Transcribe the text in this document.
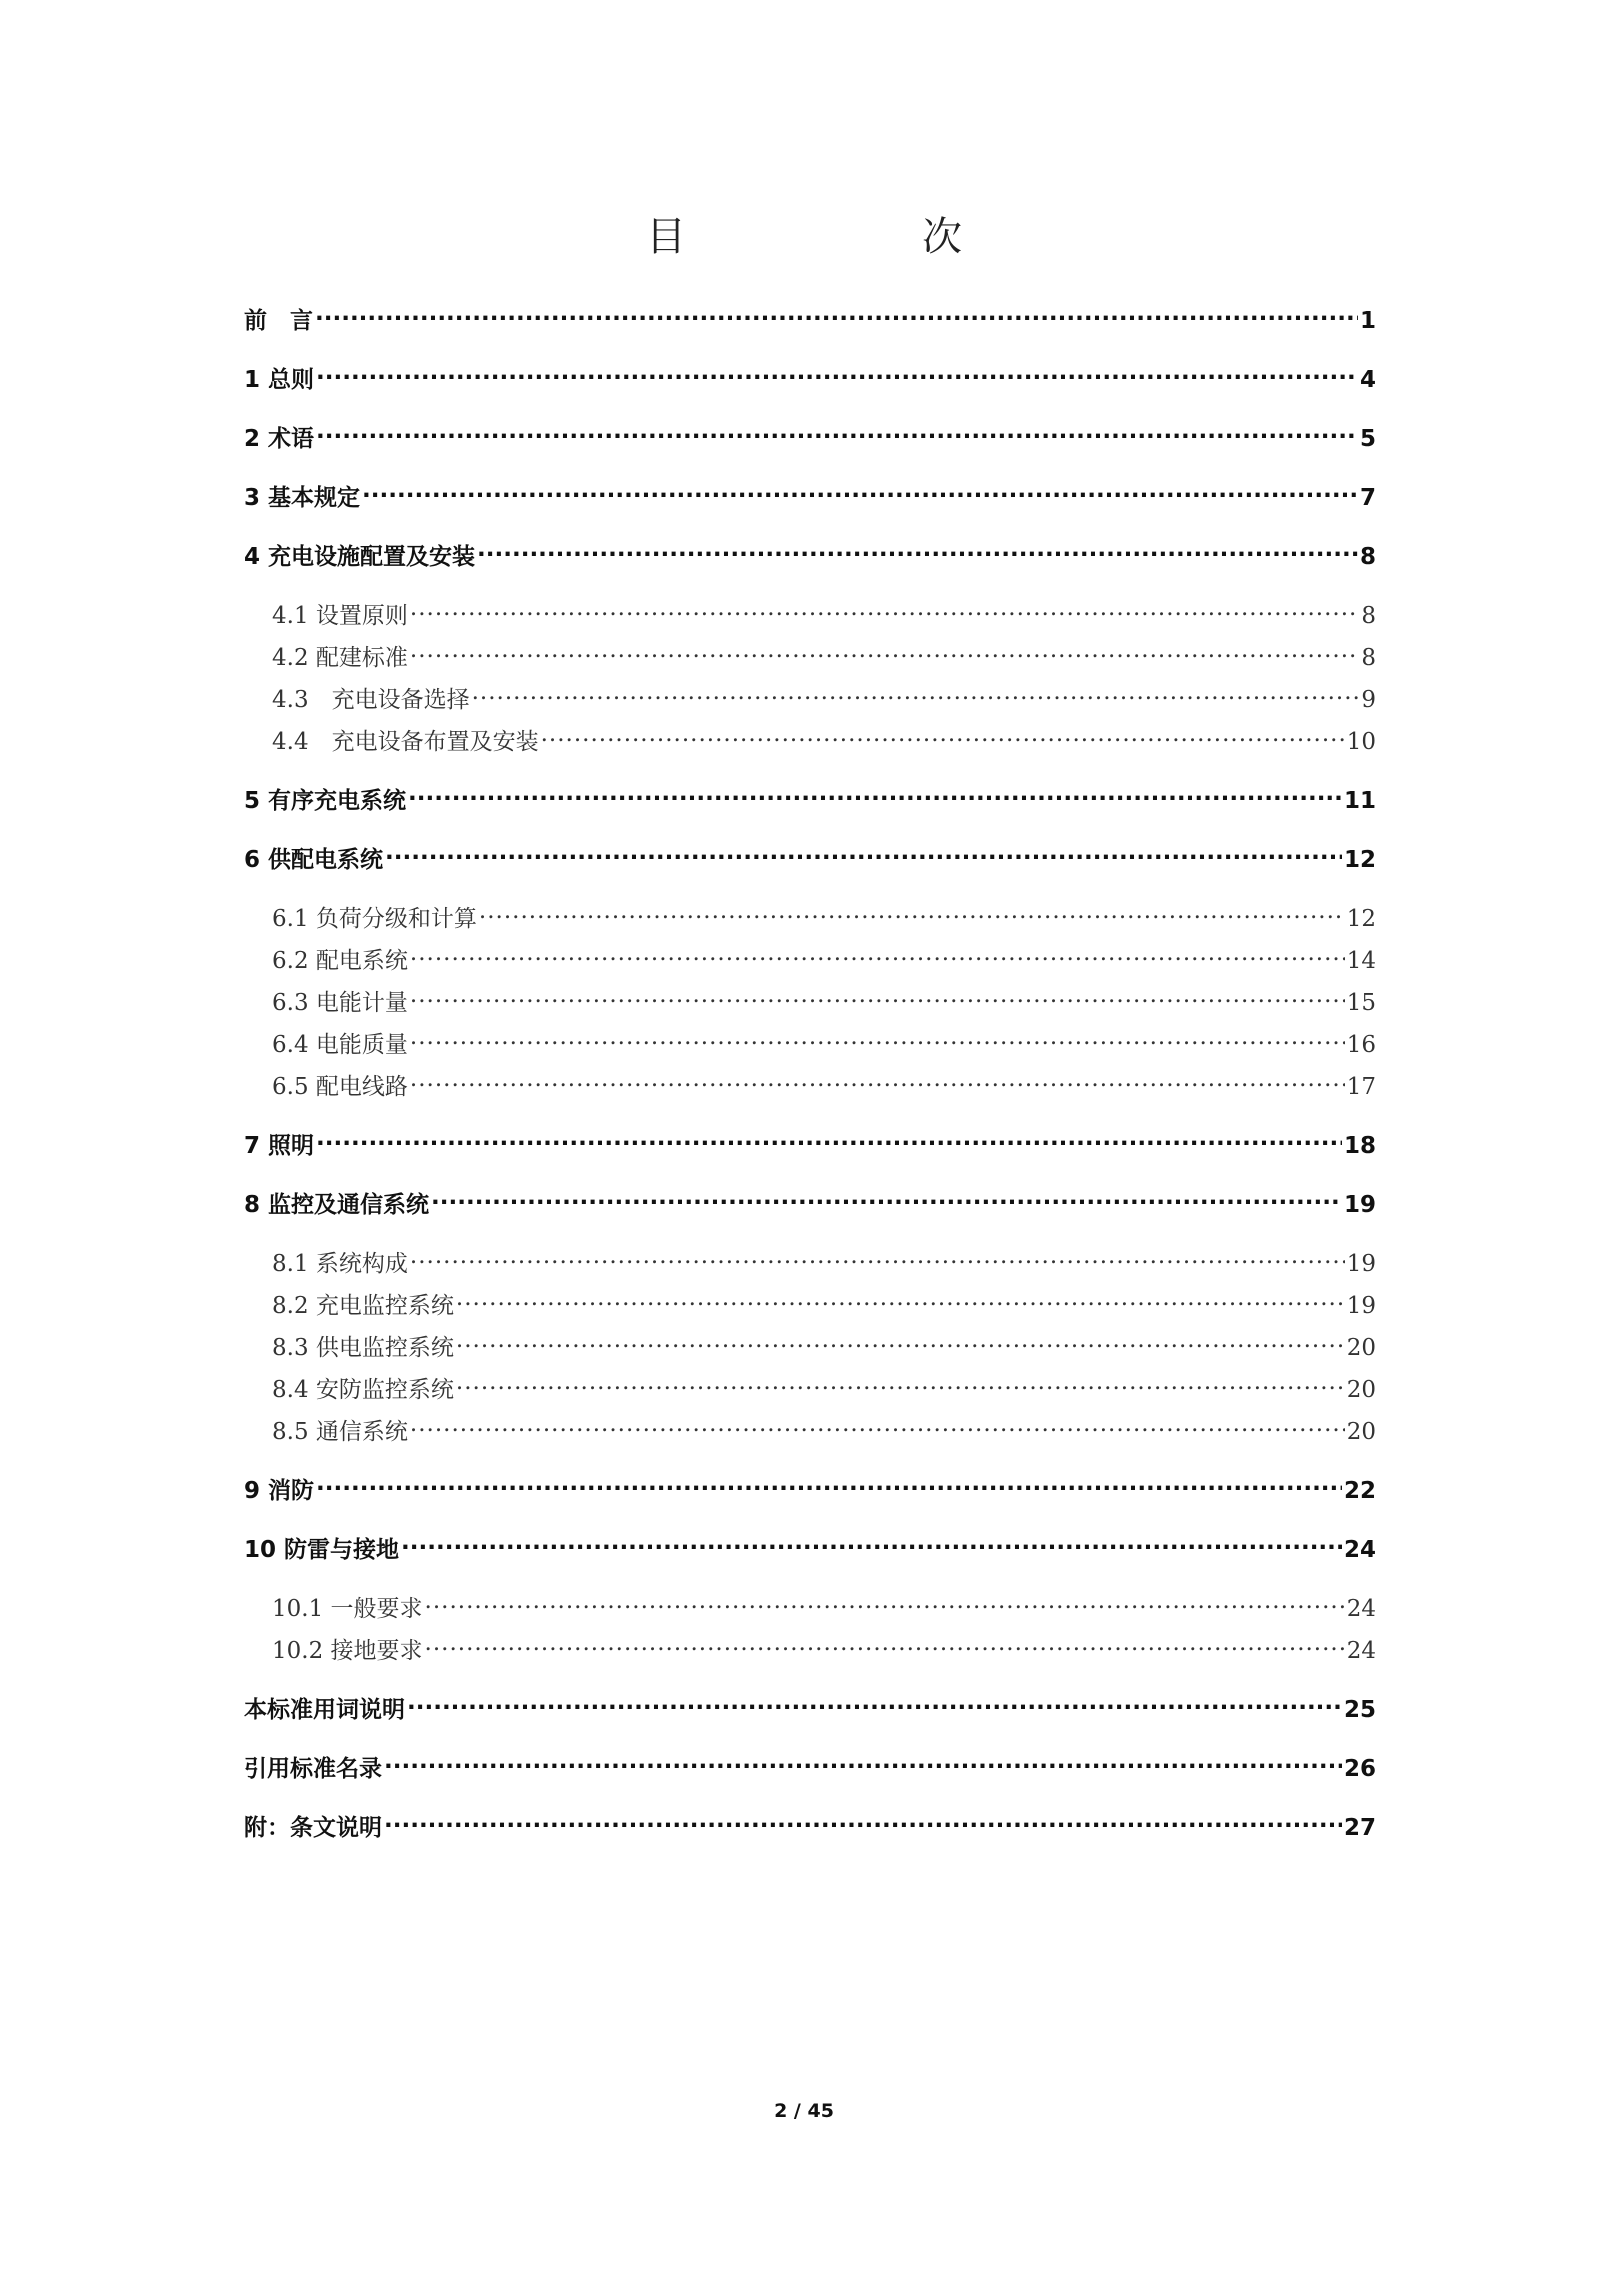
目　　次
前　言 .....	1
1 总则 .....	4
2 术语 .....	5
3 基本规定 .....	7
4 充电设施配置及安装 .....	8
4.1 设置原则 .....	8
4.2 配建标准 .....	8
4.3　充电设备选择 .....	9
4.4　充电设备布置及安装 .....	10
5 有序充电系统 .....	11
6 供配电系统 .....	12
6.1 负荷分级和计算 .....	12
6.2 配电系统 .....	14
6.3 电能计量 .....	15
6.4 电能质量 .....	16
6.5 配电线路 .....	17
7 照明 .....	18
8 监控及通信系统 .....	19
8.1 系统构成 .....	19
8.2 充电监控系统 .....	19
8.3 供电监控系统 .....	20
8.4 安防监控系统 .....	20
8.5 通信系统 .....	20
9 消防 .....	22
10 防雷与接地 .....	24
10.1 一般要求 .....	24
10.2 接地要求 .....	24
本标准用词说明 .....	25
引用标准名录 .....	26
附：条文说明 .....	27
2 / 45
